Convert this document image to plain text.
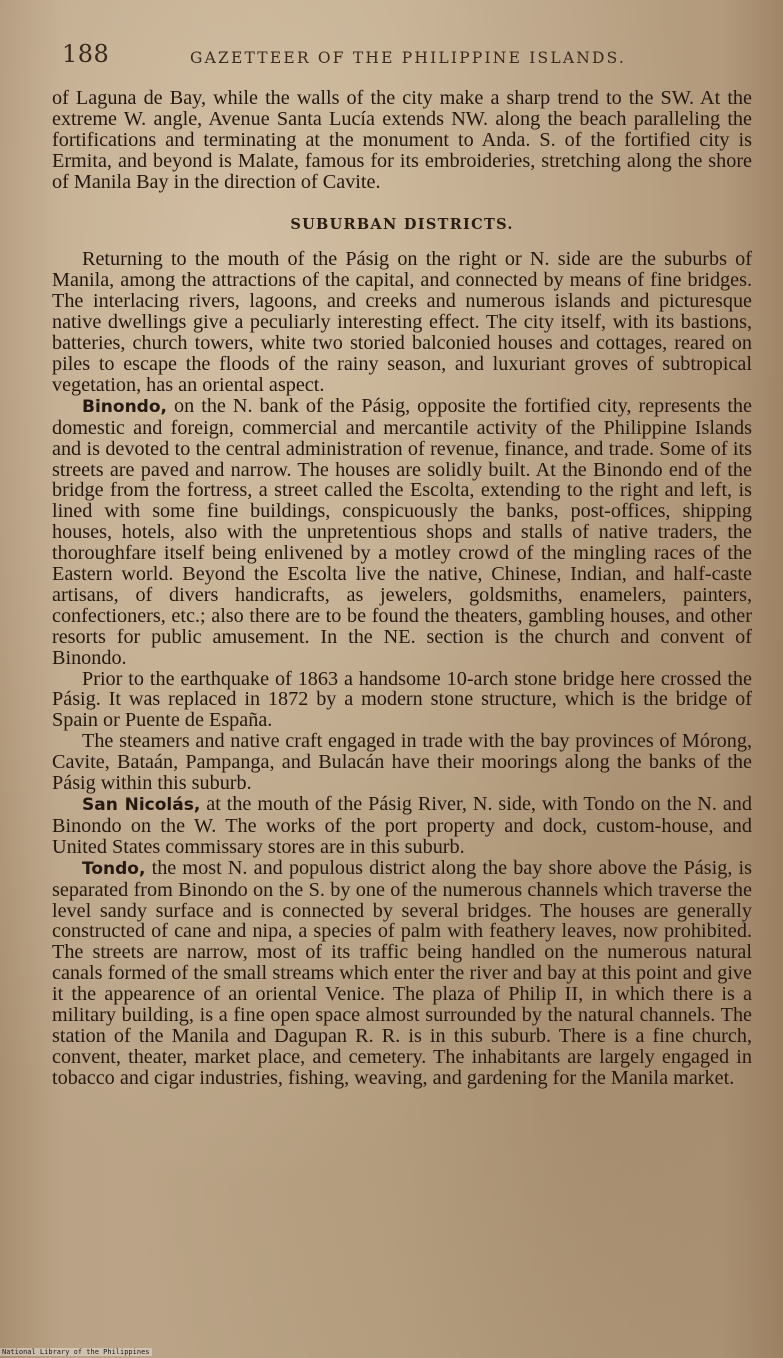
188	GAZETTEER OF THE PHILIPPINE ISLANDS.

of Laguna de Bay, while the walls of the city make a sharp trend to the SW. At the extreme W. angle, Avenue Santa Lucía extends NW. along the beach paralleling the fortifications and terminating at the monument to Anda. S. of the fortified city is Ermita, and beyond is Malate, famous for its embroideries, stretching along the shore of Manila Bay in the direction of Cavite.

SUBURBAN DISTRICTS.

Returning to the mouth of the Pásig on the right or N. side are the suburbs of Manila, among the attractions of the capital, and connected by means of fine bridges. The interlacing rivers, lagoons, and creeks and numerous islands and picturesque native dwellings give a peculiarly interesting effect. The city itself, with its bastions, batteries, church towers, white two storied balconied houses and cottages, reared on piles to escape the floods of the rainy season, and luxuriant groves of subtropical vegetation, has an oriental aspect.

Binondo, on the N. bank of the Pásig, opposite the fortified city, represents the domestic and foreign, commercial and mercantile activity of the Philippine Islands and is devoted to the central administration of revenue, finance, and trade. Some of its streets are paved and narrow. The houses are solidly built. At the Binondo end of the bridge from the fortress, a street called the Escolta, extending to the right and left, is lined with some fine buildings, conspicuously the banks, post-offices, shipping houses, hotels, also with the unpretentious shops and stalls of native traders, the thoroughfare itself being enlivened by a motley crowd of the mingling races of the Eastern world. Beyond the Escolta live the native, Chinese, Indian, and half-caste artisans, of divers handicrafts, as jewelers, goldsmiths, enamelers, painters, confectioners, etc.; also there are to be found the theaters, gambling houses, and other resorts for public amusement. In the NE. section is the church and convent of Binondo.

Prior to the earthquake of 1863 a handsome 10-arch stone bridge here crossed the Pásig. It was replaced in 1872 by a modern stone structure, which is the bridge of Spain or Puente de España.

The steamers and native craft engaged in trade with the bay provinces of Mórong, Cavite, Bataán, Pampanga, and Bulacán have their moorings along the banks of the Pásig within this suburb.

San Nicolás, at the mouth of the Pásig River, N. side, with Tondo on the N. and Binondo on the W. The works of the port property and dock, custom-house, and United States commissary stores are in this suburb.

Tondo, the most N. and populous district along the bay shore above the Pásig, is separated from Binondo on the S. by one of the numerous channels which traverse the level sandy surface and is connected by several bridges. The houses are generally constructed of cane and nipa, a species of palm with feathery leaves, now prohibited. The streets are narrow, most of its traffic being handled on the numerous natural canals formed of the small streams which enter the river and bay at this point and give it the appearence of an oriental Venice. The plaza of Philip II, in which there is a military building, is a fine open space almost surrounded by the natural channels. The station of the Manila and Dagupan R. R. is in this suburb. There is a fine church, convent, theater, market place, and cemetery. The inhabitants are largely engaged in tobacco and cigar industries, fishing, weaving, and gardening for the Manila market.

National Library of the Philippines
